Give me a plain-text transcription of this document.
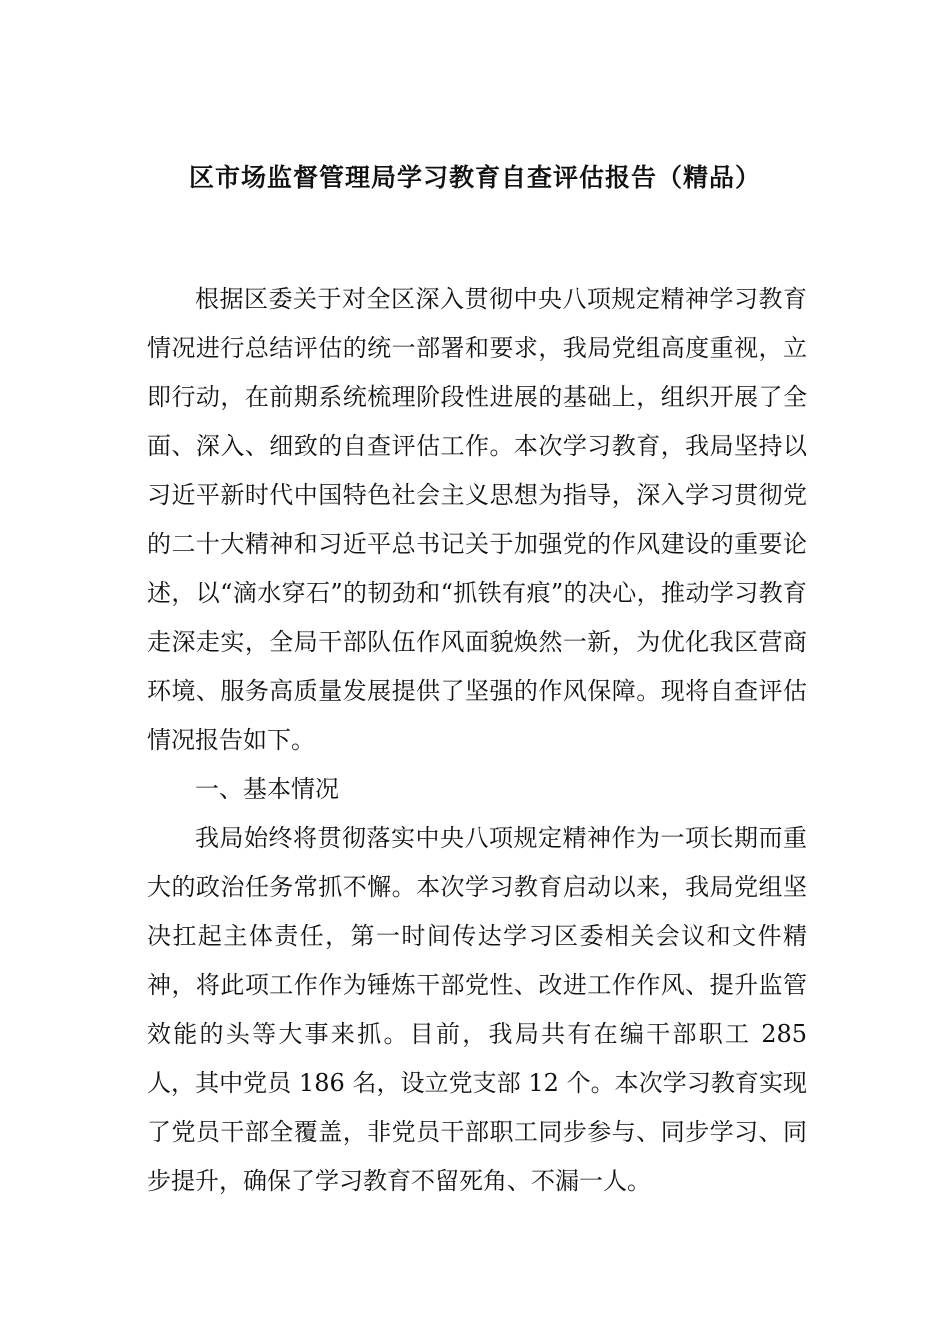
区市场监督管理局学习教育自查评估报告（精品）

根据区委关于对全区深入贯彻中央八项规定精神学习教育情况进行总结评估的统一部署和要求，我局党组高度重视，立即行动，在前期系统梳理阶段性进展的基础上，组织开展了全面、深入、细致的自查评估工作。本次学习教育，我局坚持以习近平新时代中国特色社会主义思想为指导，深入学习贯彻党的二十大精神和习近平总书记关于加强党的作风建设的重要论述，以“滴水穿石”的韧劲和“抓铁有痕”的决心，推动学习教育走深走实，全局干部队伍作风面貌焕然一新，为优化我区营商环境、服务高质量发展提供了坚强的作风保障。现将自查评估情况报告如下。

一、基本情况

我局始终将贯彻落实中央八项规定精神作为一项长期而重大的政治任务常抓不懈。本次学习教育启动以来，我局党组坚决扛起主体责任，第一时间传达学习区委相关会议和文件精神，将此项工作作为锤炼干部党性、改进工作作风、提升监管效能的头等大事来抓。目前，我局共有在编干部职工 285 人，其中党员 186 名，设立党支部 12 个。本次学习教育实现了党员干部全覆盖，非党员干部职工同步参与、同步学习、同步提升，确保了学习教育不留死角、不漏一人。
